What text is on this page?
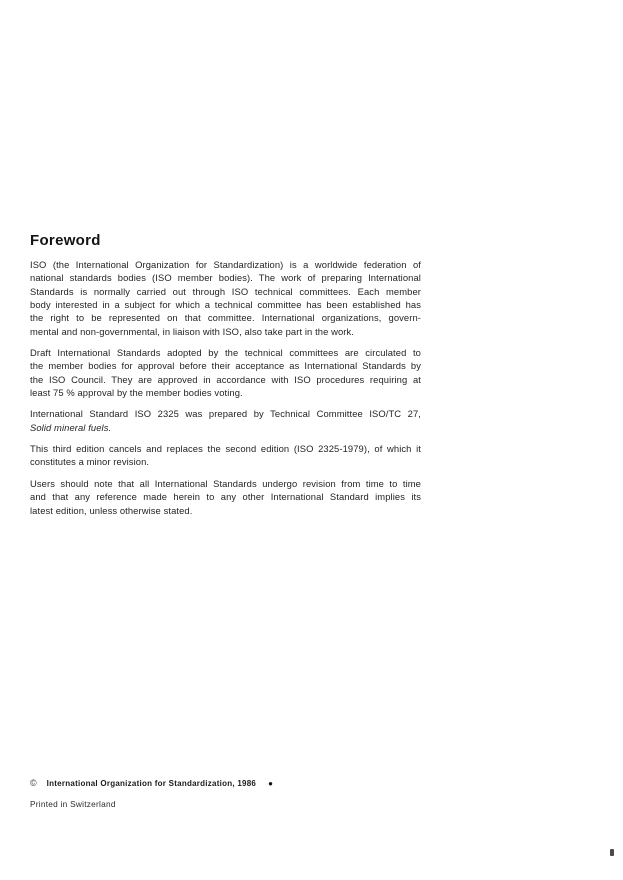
Foreword
ISO (the International Organization for Standardization) is a worldwide federation of
national standards bodies (ISO member bodies). The work of preparing International
Standards is normally carried out through ISO technical committees. Each member
body interested in a subject for which a technical committee has been established has
the right to be represented on that committee. International organizations, govern-
mental and non-governmental, in liaison with ISO, also take part in the work.
Draft International Standards adopted by the technical committees are circulated to
the member bodies for approval before their acceptance as International Standards by
the ISO Council. They are approved in accordance with ISO procedures requiring at
least 75 % approval by the member bodies voting.
International Standard ISO 2325 was prepared by Technical Committee ISO/TC 27,
Solid mineral fuels.
This third edition cancels and replaces the second edition (ISO 2325-1979), of which it
constitutes a minor revision.
Users should note that all International Standards undergo revision from time to time
and that any reference made herein to any other International Standard implies its
latest edition, unless otherwise stated.
© International Organization for Standardization, 1986 ●
Printed in Switzerland
